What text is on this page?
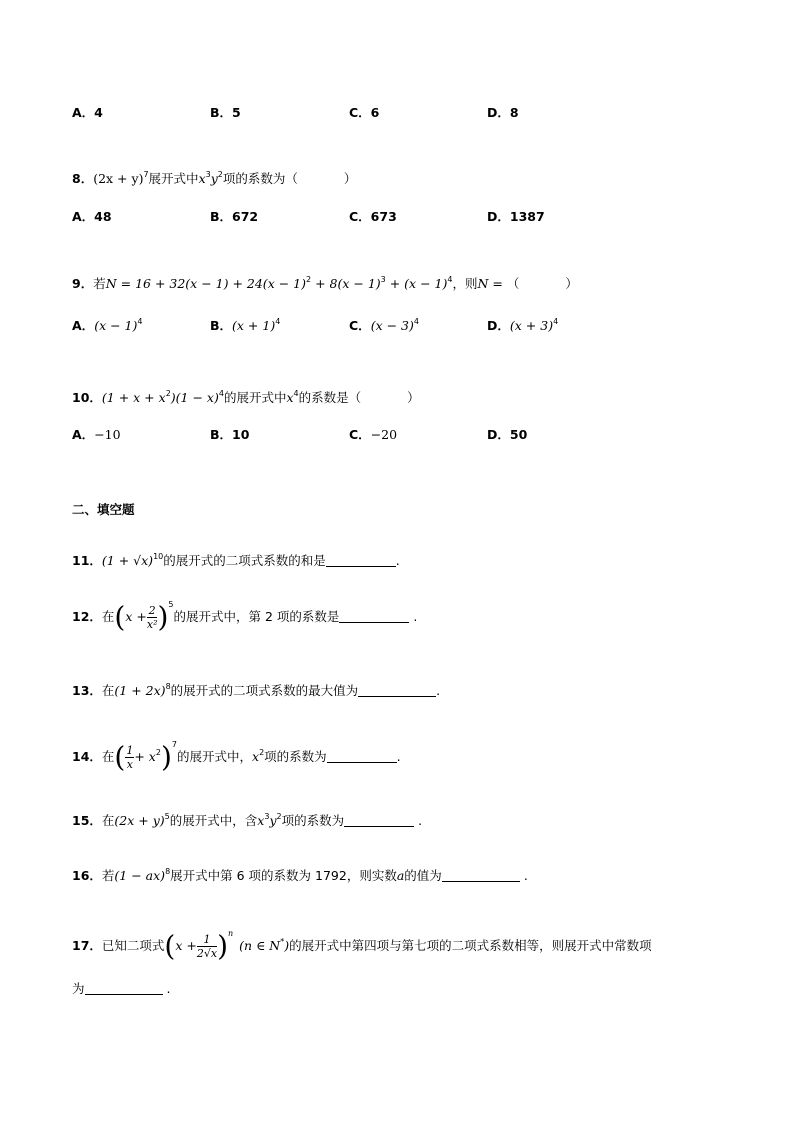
A．4	B．5	C．6	D．8
8．$(2x + y)^7$展开式中$x^3y^2$项的系数为（	）
A．48	B．672	C．673	D．1387
9．若$N = 16 + 32(x - 1) + 24(x - 1)^2 + 8(x - 1)^3 + (x - 1)^4$，则N = （	）
A．$(x - 1)^4$	B．$(x + 1)^4$	C．$(x - 3)^4$	D．$(x + 3)^4$
10．$(1 + x + x^2)(1 - x)^4$的展开式中$x^4$的系数是（	）
A．−10	B．10	C．−20	D．50
二、填空题
11．$(1 + √x)^{10}$的展开式的二项式系数的和是	.
12．在$(x + \frac{2}{\text{x²}} )^5$的展开式中，第 2 项的系数是	.
13．在$(1 + 2x)^8$的展开式的二项式系数的最大值为	.
14．在( $\frac{1}{x} + x^2)^7$的展开式中，$x^2$项的系数为	.
15．在$(2x + y)^5$的展开式中，含$x^3y^2$项的系数为	.
16．若(1 − ax)$^8$展开式中第 6 项的系数为 1792，则实数a的值为	.
17．已知二项式$(x + \frac{1}{2√x} )^n(n$ ∈ N*)的展开式中第四项与第七项的二项式系数相等，则展开式中常数项
为	.
